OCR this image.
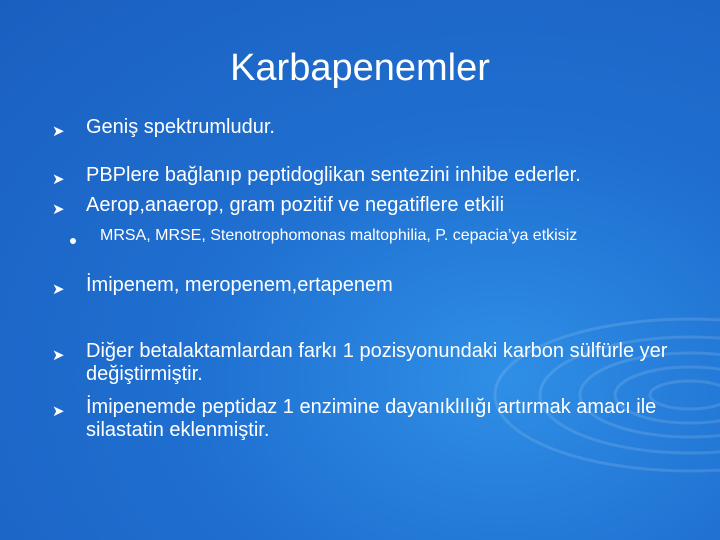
Karbapenemler
➤ Geniş spektrumludur.
➤ PBPlere bağlanıp peptidoglikan sentezini inhibe ederler.
➤ Aerop,anaerop, gram pozitif ve negatiflere etkili
MRSA, MRSE, Stenotrophomonas maltophilia, P. cepacia’ya etkisiz
➤ İmipenem, meropenem,ertapenem
➤ Diğer betalaktamlardan farkı 1 pozisyonundaki karbon sülfürle yer değiştirmiştir.
➤ İmipenemde peptidaz 1 enzimine dayanıklılığı artırmak amacı ile silastatin eklenmiştir.
